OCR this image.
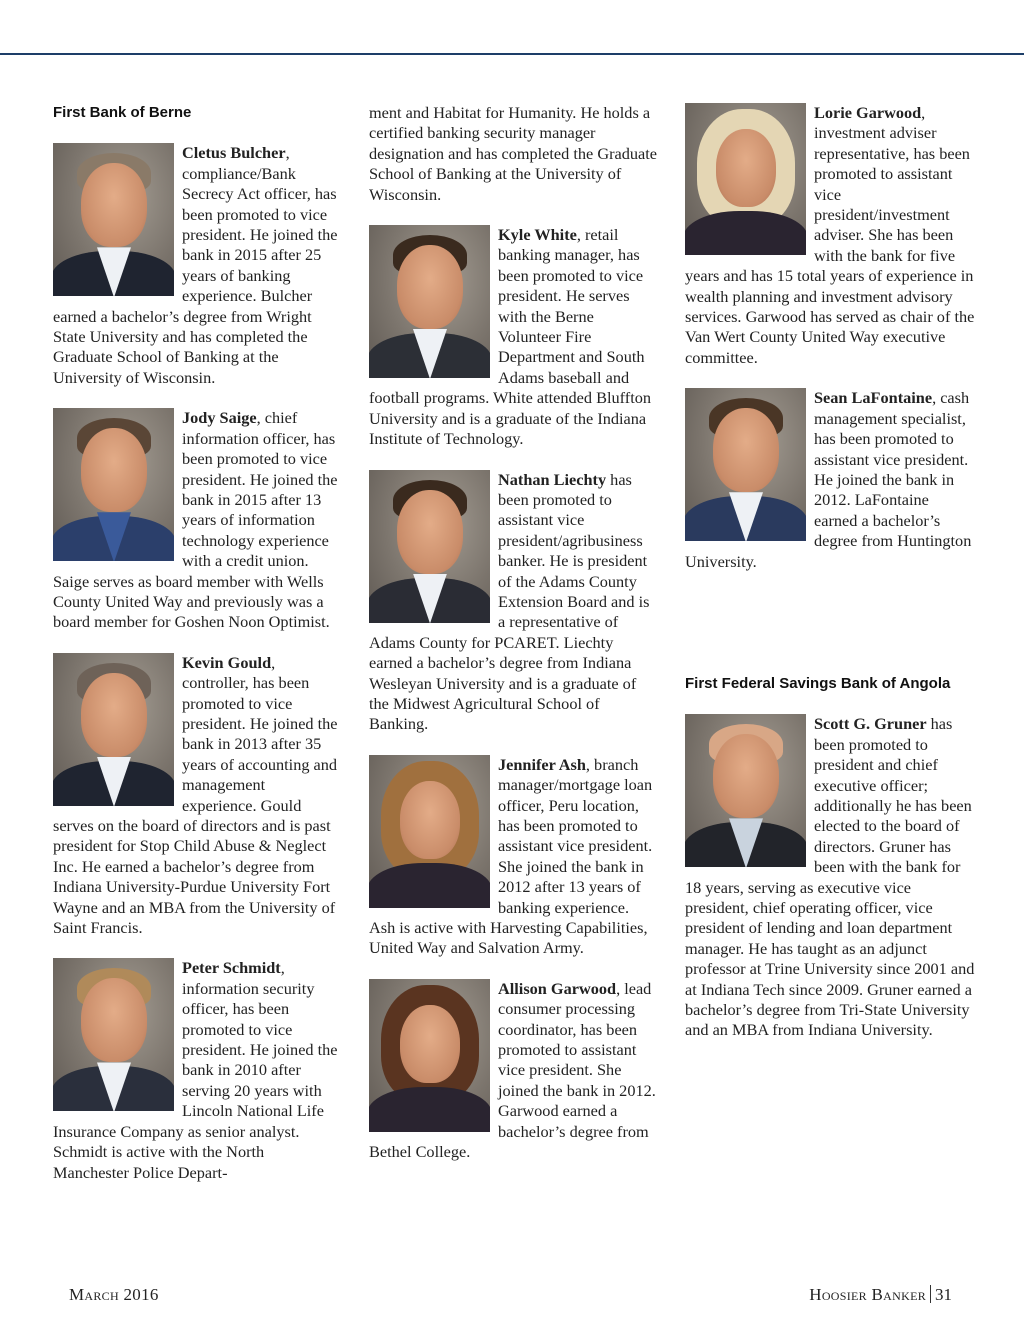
First Bank of Berne

Cletus Bulcher, compliance/Bank Secrecy Act officer, has been promoted to vice president. He joined the bank in 2015 after 25 years of banking experience. Bulcher earned a bachelor’s degree from Wright State University and has completed the Graduate School of Banking at the University of Wisconsin.

Jody Saige, chief information officer, has been promoted to vice president. He joined the bank in 2015 after 13 years of information technology experience with a credit union. Saige serves as board member with Wells County United Way and previously was a board member for Goshen Noon Optimist.

Kevin Gould, controller, has been promoted to vice president. He joined the bank in 2013 after 35 years of accounting and management experience. Gould serves on the board of directors and is past president for Stop Child Abuse & Neglect Inc. He earned a bachelor’s degree from Indiana University-Purdue University Fort Wayne and an MBA from the University of Saint Francis.

Peter Schmidt, information security officer, has been promoted to vice president. He joined the bank in 2010 after serving 20 years with Lincoln National Life Insurance Company as senior analyst. Schmidt is active with the North Manchester Police Depart-

ment and Habitat for Humanity. He holds a certified banking security manager designation and has completed the Graduate School of Banking at the University of Wisconsin.

Kyle White, retail banking manager, has been promoted to vice president. He serves with the Berne Volunteer Fire Department and South Adams baseball and football programs. White attended Bluffton University and is a graduate of the Indiana Institute of Technology.

Nathan Liechty has been promoted to assistant vice president/agribusiness banker. He is president of the Adams County Extension Board and is a representative of Adams County for PCARET. Liechty earned a bachelor’s degree from Indiana Wesleyan University and is a graduate of the Midwest Agricultural School of Banking.

Jennifer Ash, branch manager/mortgage loan officer, Peru location, has been promoted to assistant vice president. She joined the bank in 2012 after 13 years of banking experience. Ash is active with Harvesting Capabilities, United Way and Salvation Army.

Allison Garwood, lead consumer processing coordinator, has been promoted to assistant vice president. She joined the bank in 2012. Garwood earned a bachelor’s degree from Bethel College.

Lorie Garwood, investment adviser representative, has been promoted to assistant vice president/investment adviser. She has been with the bank for five years and has 15 total years of experience in wealth planning and investment advisory services. Garwood has served as chair of the Van Wert County United Way executive committee.

Sean LaFontaine, cash management specialist, has been promoted to assistant vice president. He joined the bank in 2012. LaFontaine earned a bachelor’s degree from Huntington University.

First Federal Savings Bank of Angola

Scott G. Gruner has been promoted to president and chief executive officer; additionally he has been elected to the board of directors. Gruner has been with the bank for 18 years, serving as executive vice president, chief operating officer, vice president of lending and loan department manager. He has taught as an adjunct professor at Trine University since 2001 and at Indiana Tech since 2009. Gruner earned a bachelor’s degree from Tri-State University and an MBA from Indiana University.

March 2016	Hoosier Banker 31
